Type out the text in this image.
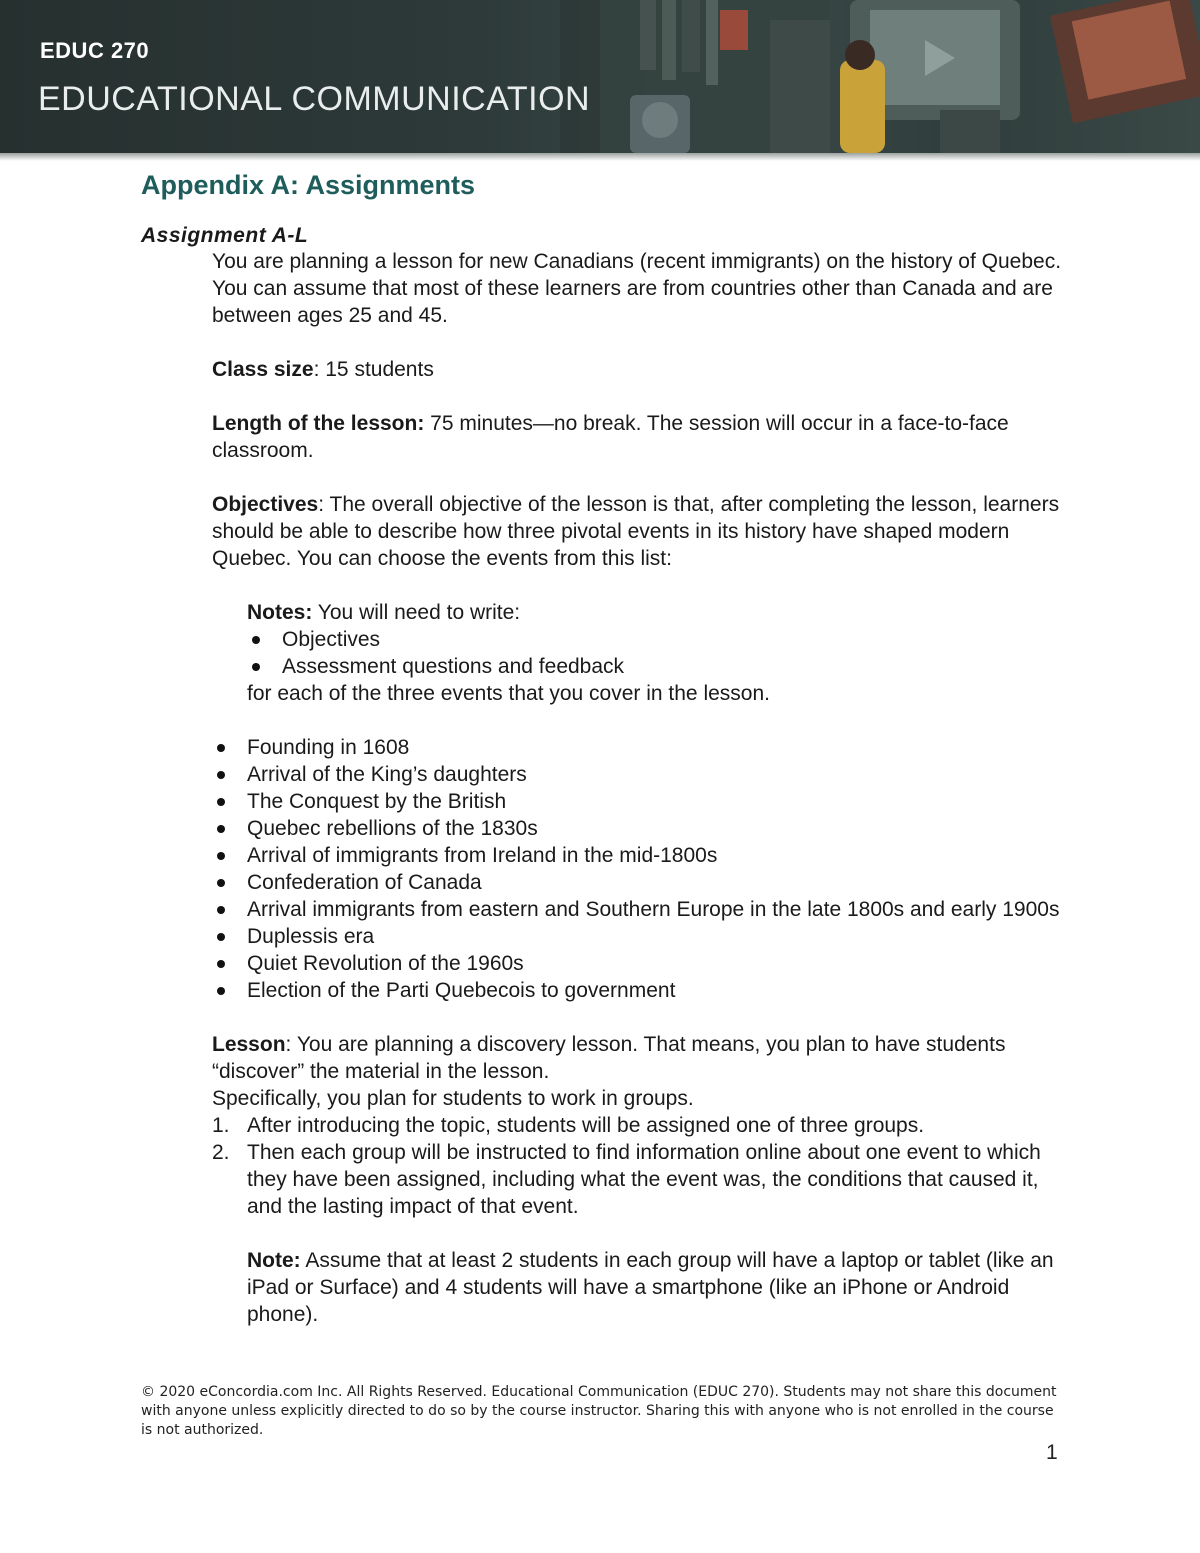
EDUC 270
EDUCATIONAL COMMUNICATION
Appendix A: Assignments
Assignment A-L

You are planning a lesson for new Canadians (recent immigrants) on the history of Quebec. You can assume that most of these learners are from countries other than Canada and are between ages 25 and 45.

Class size: 15 students

Length of the lesson: 75 minutes—no break. The session will occur in a face-to-face classroom.

Objectives: The overall objective of the lesson is that, after completing the lesson, learners should be able to describe how three pivotal events in its history have shaped modern Quebec. You can choose the events from this list:

Notes: You will need to write:

Objectives
Assessment questions and feedback

for each of the three events that you cover in the lesson.

Founding in 1608
Arrival of the King’s daughters
The Conquest by the British
Quebec rebellions of the 1830s
Arrival of immigrants from Ireland in the mid-1800s
Confederation of Canada
Arrival immigrants from eastern and Southern Europe in the late 1800s and early 1900s
Duplessis era
Quiet Revolution of the 1960s
Election of the Parti Quebecois to government

Lesson: You are planning a discovery lesson. That means, you plan to have students “discover” the material in the lesson.

Specifically, you plan for students to work in groups.

1. After introducing the topic, students will be assigned one of three groups.
2. Then each group will be instructed to find information online about one event to which they have been assigned, including what the event was, the conditions that caused it, and the lasting impact of that event.

Note: Assume that at least 2 students in each group will have a laptop or tablet (like an iPad or Surface) and 4 students will have a smartphone (like an iPhone or Android phone).

© 2020 eConcordia.com Inc. All Rights Reserved. Educational Communication (EDUC 270). Students may not share this document with anyone unless explicitly directed to do so by the course instructor. Sharing this with anyone who is not enrolled in the course is not authorized.
1
